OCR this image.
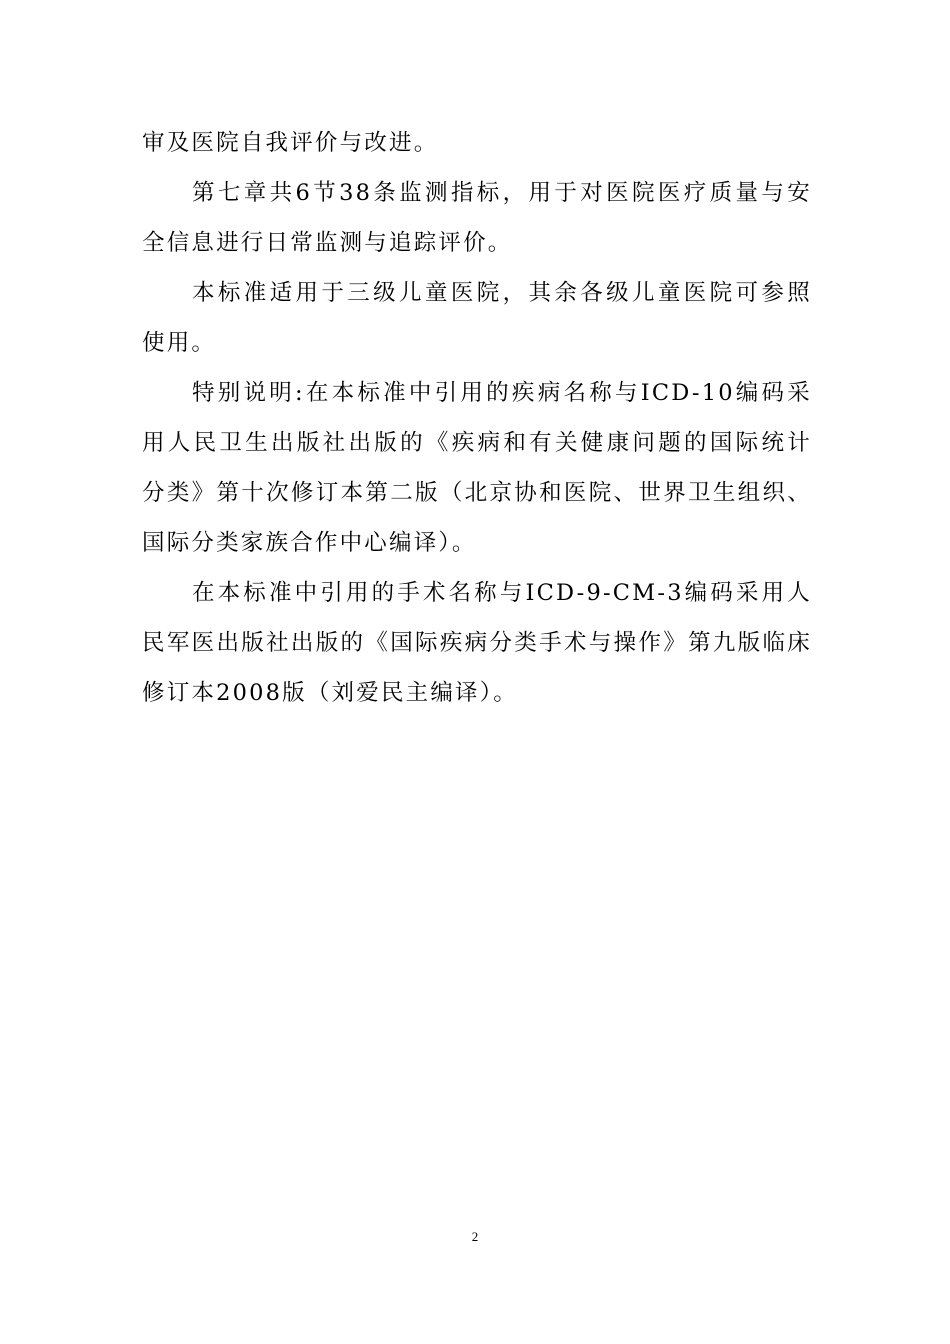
审及医院自我评价与改进。
第七章共6节38条监测指标，用于对医院医疗质量与安
全信息进行日常监测与追踪评价。
本标准适用于三级儿童医院，其余各级儿童医院可参照
使用。
特别说明:在本标准中引用的疾病名称与ICD-10编码采
用人民卫生出版社出版的《疾病和有关健康问题的国际统计
分类》第十次修订本第二版（北京协和医院、世界卫生组织、
国际分类家族合作中心编译）。
在本标准中引用的手术名称与ICD-9-CM-3编码采用人
民军医出版社出版的《国际疾病分类手术与操作》第九版临床
修订本2008版（刘爱民主编译）。
2
